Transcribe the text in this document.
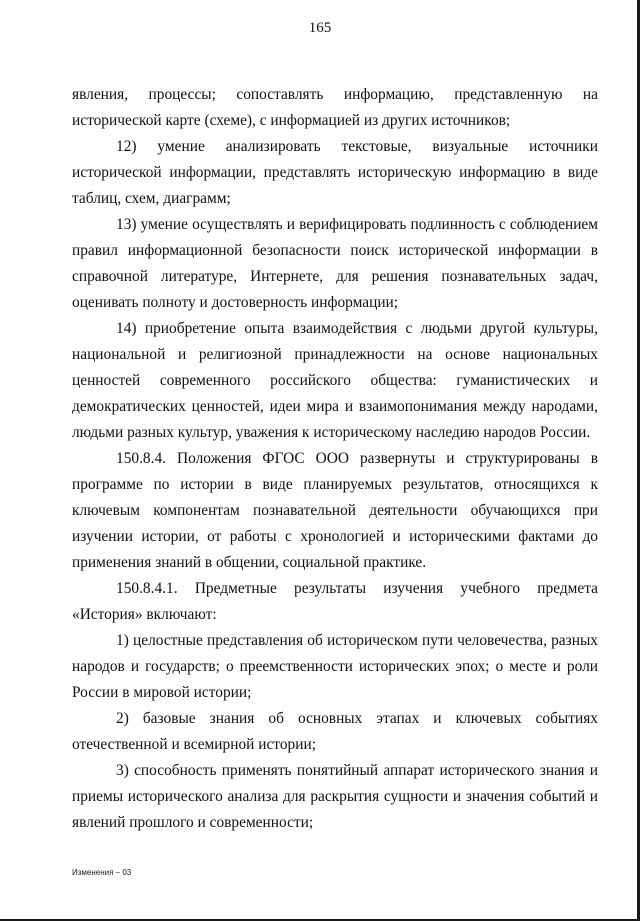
165

явления, процессы; сопоставлять информацию, представленную на исторической карте (схеме), с информацией из других источников;

12) умение анализировать текстовые, визуальные источники исторической информации, представлять историческую информацию в виде таблиц, схем, диаграмм;

13) умение осуществлять и верифицировать подлинность с соблюдением правил информационной безопасности поиск исторической информации в справочной литературе, Интернете, для решения познавательных задач, оценивать полноту и достоверность информации;

14) приобретение опыта взаимодействия с людьми другой культуры, национальной и религиозной принадлежности на основе национальных ценностей современного российского общества: гуманистических и демократических ценностей, идеи мира и взаимопонимания между народами, людьми разных культур, уважения к историческому наследию народов России.

150.8.4. Положения ФГОС ООО развернуты и структурированы в программе по истории в виде планируемых результатов, относящихся к ключевым компонентам познавательной деятельности обучающихся при изучении истории, от работы с хронологией и историческими фактами до применения знаний в общении, социальной практике.

150.8.4.1. Предметные результаты изучения учебного предмета «История» включают:

1) целостные представления об историческом пути человечества, разных народов и государств; о преемственности исторических эпох; о месте и роли России в мировой истории;

2) базовые знания об основных этапах и ключевых событиях отечественной и всемирной истории;

3) способность применять понятийный аппарат исторического знания и приемы исторического анализа для раскрытия сущности и значения событий и явлений прошлого и современности;

Изменения – 03
